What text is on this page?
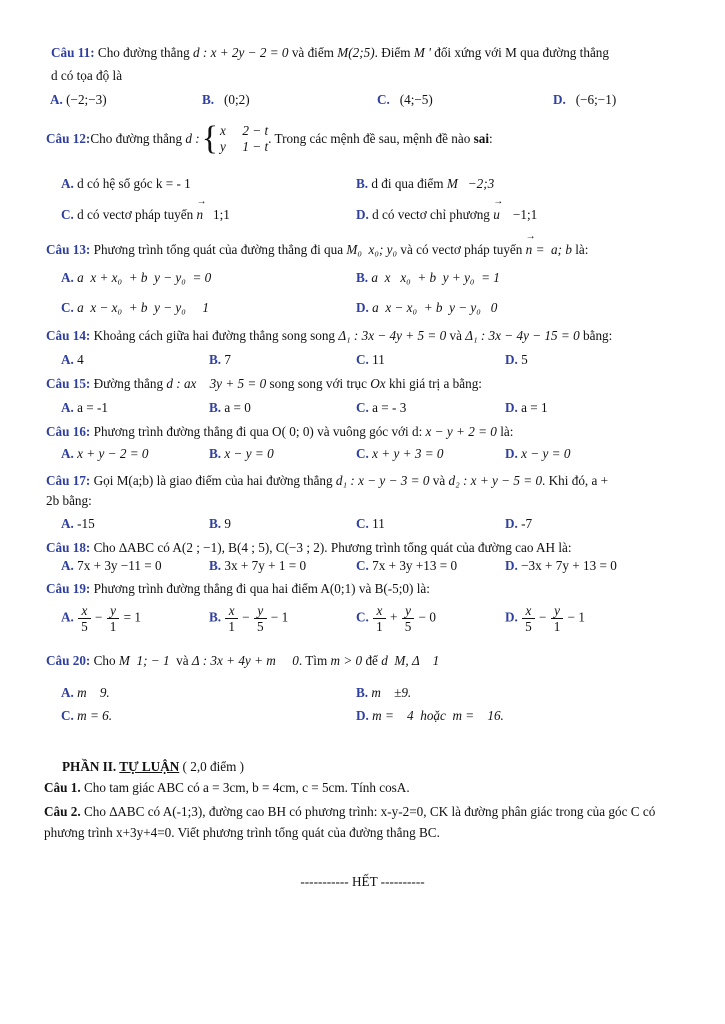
Câu 11: Cho đường thẳng d : x + 2y − 2 = 0 và điểm M(2;5). Điểm M ' đối xứng với M qua đường thẳng
d có tọa độ là
A. (−2;−3)	B. (0;2)	C. (4;−5)	D. (−6;−1)
Câu 12: Cho đường thẳng
d : { x     2 − t
y     1 − t
. Trong các mệnh đề sau, mệnh đề nào sai :
A. d có hệ số góc k = - 1	B. d đi qua điểm M   −2;3
C. d có vectơ pháp tuyến → n   1;1	D. d có vectơ chỉ phương → u    −1;1
Câu 13: Phương trình tổng quát của đường thẳng đi qua M₀  x₀; y₀ và có vectơ pháp tuyến → n =  a; b là:
A. a  x + x₀  + b  y − y₀  = 0	B. a  x   x₀  + b  y + y₀  = 1
C. a  x − x₀  + b  y − y₀     1	D. a  x − x₀  + b  y − y₀   0
Câu 14: Khoảng cách giữa hai đường thẳng song song Δ₁ : 3x − 4y + 5 = 0 và Δ₁ : 3x − 4y − 15 = 0 bằng:
A. 4	B. 7	C. 11	D. 5
Câu 15: Đường thẳng d : ax    3y + 5 = 0 song song với trục Ox khi giá trị a bằng:
A. a = -1	B. a = 0	C. a = - 3	D. a = 1
Câu 16: Phương trình đường thẳng đi qua O( 0; 0) và vuông góc với d: x − y + 2 = 0 là:
A. x + y − 2 = 0	B. x − y = 0	C. x + y + 3 = 0	D. x − y = 0
Câu 17: Gọi M(a;b) là giao điểm của hai đường thẳng d₁ : x − y − 3 = 0 và d₂ : x + y − 5 = 0. Khi đó, a +
2b bằng:
A. -15	B. 9	C. 11	D. -7
Câu 18: Cho ∆ABC có A(2 ; −1), B(4 ; 5), C(−3 ; 2). Phương trình tổng quát của đường cao AH là:
A. 7x + 3y −11 = 0	B. 3x + 7y + 1 = 0	C. 7x + 3y +13 = 0	D. −3x + 7y + 13 = 0
Câu 19: Phương trình đường thẳng đi qua hai điểm A(0;1) và B(-5;0) là:
A. $\frac{x}{5} - \frac{y}{1} = 1$	B. $\frac{x}{1} - \frac{y}{5} - 1$	C. $\frac{x}{1} + \frac{y}{5} - 0$	D. $\frac{x}{5} - \frac{y}{1} - 1$
Câu 20: Cho M  1; − 1  và Δ : 3x + 4y + m     0. Tìm m > 0 để d  M, Δ    1
A. m    9.	B. m    ±9.
C. m = 6.	D. m =    4  hoặc  m =    16.
PHẦN II. TỰ LUẬN ( 2,0 điểm )
Câu 1. Cho tam giác ABC có a = 3cm, b = 4cm, c = 5cm. Tính cosA.
Câu 2. Cho ∆ABC có A(-1;3), đường cao BH có phương trình: x-y-2=0, CK là đường phân giác trong của góc C có phương trình x+3y+4=0. Viết phương trình tổng quát của đường thẳng BC.
----------- HẾT ----------
